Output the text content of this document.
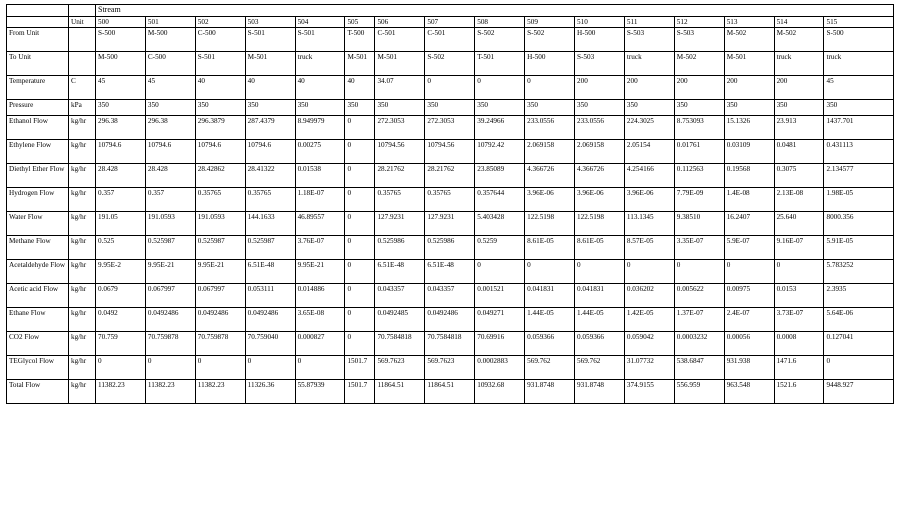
		Stream															
	Unit	500	501	502	503	504	505	506	507	508	509	510	511	512	513	514	515
From Unit		S-500	M-500	C-500	S-501	S-501	T-500	C-501	C-501	S-502	S-502	H-500	S-503	S-503	M-502	M-502	S-500
To Unit		M-500	C-500	S-501	M-501	truck	M-501	M-501	S-502	T-501	H-500	S-503	truck	M-502	M-501	truck	truck
Temperature	C	45	45	40	40	40	40	34.07	0	0	0	200	200	200	200	200	45
Pressure	kPa	350	350	350	350	350	350	350	350	350	350	350	350	350	350	350	350
Ethanol Flow	kg/hr	296.38	296.38	296.3879	287.4379	8.949979	0	272.3053	272.3053	39.24966	233.0556	233.0556	224.3025	8.753093	15.1326	23.913	1437.701
Ethylene Flow	kg/hr	10794.6	10794.6	10794.6	10794.6	0.00275	0	10794.56	10794.56	10792.42	2.069158	2.069158	2.05154	0.01761	0.03109	0.0481	0.431113
Diethyl Ether Flow	kg/hr	28.428	28.428	28.42862	28.41322	0.01538	0	28.21762	28.21762	23.85089	4.366726	4.366726	4.254166	0.112563	0.19568	0.3075	2.134577
Hydrogen Flow	kg/hr	0.357	0.357	0.35765	0.35765	1.18E-07	0	0.35765	0.35765	0.357644	3.96E-06	3.96E-06	3.96E-06	7.79E-09	1.4E-08	2.13E-08	1.98E-05
Water Flow	kg/hr	191.05	191.0593	191.0593	144.1633	46.89557	0	127.9231	127.9231	5.403428	122.5198	122.5198	113.1345	9.38510	16.2407	25.640	8000.356
Methane Flow	kg/hr	0.525	0.525987	0.525987	0.525987	3.76E-07	0	0.525986	0.525986	0.5259	8.61E-05	8.61E-05	8.57E-05	3.35E-07	5.9E-07	9.16E-07	5.91E-05
Acetaldehyde Flow	kg/hr	9.95E-2	9.95E-21	9.95E-21	6.51E-48	9.95E-21	0	6.51E-48	6.51E-48	0	0	0	0	0	0	0	5.783252
Acetic acid Flow	kg/hr	0.0679	0.067997	0.067997	0.053111	0.014886	0	0.043357	0.043357	0.001521	0.041831	0.041831	0.036202	0.005622	0.00975	0.0153	2.3935
Ethane Flow	kg/hr	0.0492	0.0492486	0.0492486	0.0492486	3.65E-08	0	0.0492485	0.0492486	0.049271	1.44E-05	1.44E-05	1.42E-05	1.37E-07	2.4E-07	3.73E-07	5.64E-06
CO2 Flow	kg/hr	70.759	70.759878	70.759878	70.759040	0.000827	0	70.7584818	70.7584818	70.69916	0.059366	0.059366	0.059042	0.0003232	0.00056	0.0008	0.127041
TEGlycol Flow	kg/hr	0	0	0	0	0	1501.7	569.7623	569.7623	0.0002883	569.762	569.762	31.07732	538.6847	931.938	1471.6	0
Total Flow	kg/hr	11382.23	11382.23	11382.23	11326.36	55.87939	1501.7	11864.51	11864.51	10932.68	931.8748	931.8748	374.9155	556.959	963.548	1521.6	9448.927
